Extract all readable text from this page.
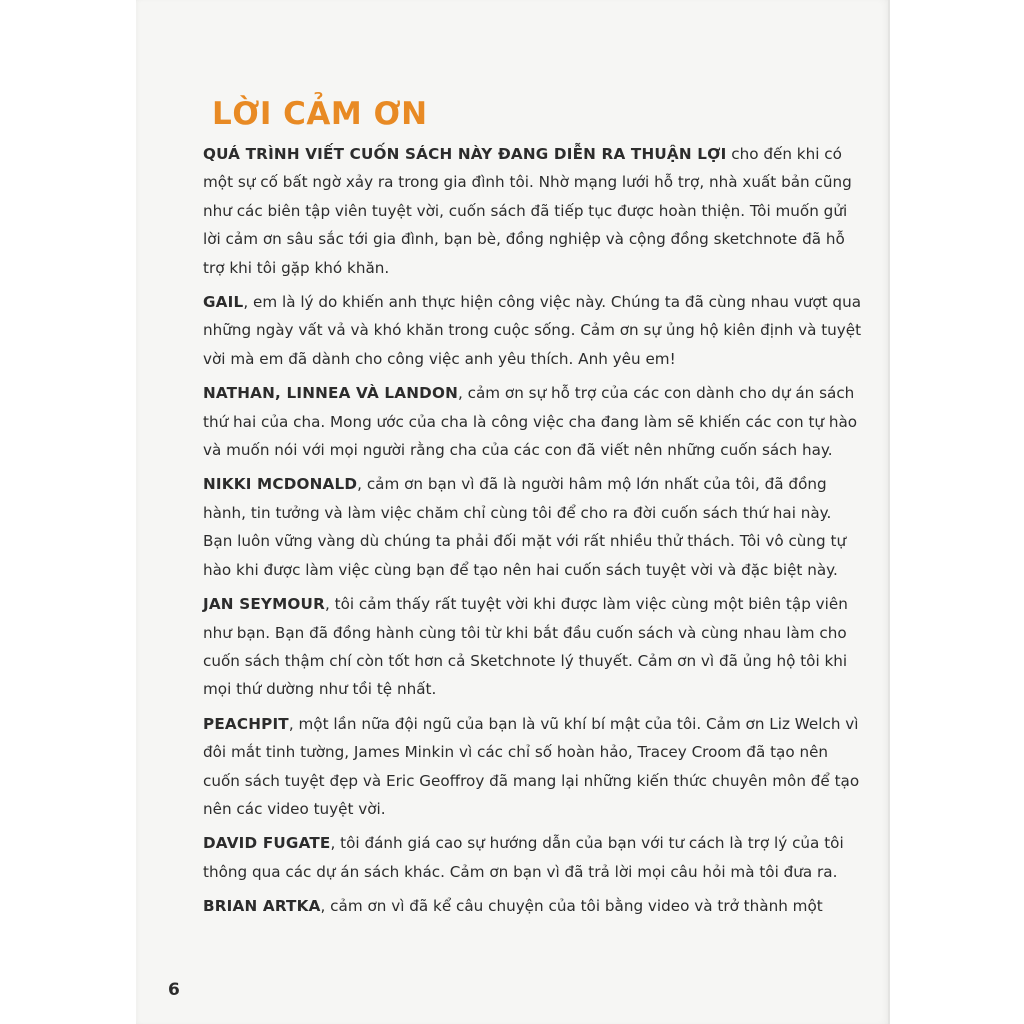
LỜI CẢM ƠN

QUÁ TRÌNH VIẾT CUỐN SÁCH NÀY ĐANG DIỄN RA THUẬN LỢI cho đến khi có một sự cố bất ngờ xảy ra trong gia đình tôi. Nhờ mạng lưới hỗ trợ, nhà xuất bản cũng như các biên tập viên tuyệt vời, cuốn sách đã tiếp tục được hoàn thiện. Tôi muốn gửi lời cảm ơn sâu sắc tới gia đình, bạn bè, đồng nghiệp và cộng đồng sketchnote đã hỗ trợ khi tôi gặp khó khăn.

GAIL, em là lý do khiến anh thực hiện công việc này. Chúng ta đã cùng nhau vượt qua những ngày vất vả và khó khăn trong cuộc sống. Cảm ơn sự ủng hộ kiên định và tuyệt vời mà em đã dành cho công việc anh yêu thích. Anh yêu em!

NATHAN, LINNEA VÀ LANDON, cảm ơn sự hỗ trợ của các con dành cho dự án sách thứ hai của cha. Mong ước của cha là công việc cha đang làm sẽ khiến các con tự hào và muốn nói với mọi người rằng cha của các con đã viết nên những cuốn sách hay.

NIKKI MCDONALD, cảm ơn bạn vì đã là người hâm mộ lớn nhất của tôi, đã đồng hành, tin tưởng và làm việc chăm chỉ cùng tôi để cho ra đời cuốn sách thứ hai này. Bạn luôn vững vàng dù chúng ta phải đối mặt với rất nhiều thử thách. Tôi vô cùng tự hào khi được làm việc cùng bạn để tạo nên hai cuốn sách tuyệt vời và đặc biệt này.

JAN SEYMOUR, tôi cảm thấy rất tuyệt vời khi được làm việc cùng một biên tập viên như bạn. Bạn đã đồng hành cùng tôi từ khi bắt đầu cuốn sách và cùng nhau làm cho cuốn sách thậm chí còn tốt hơn cả Sketchnote lý thuyết. Cảm ơn vì đã ủng hộ tôi khi mọi thứ dường như tồi tệ nhất.

PEACHPIT, một lần nữa đội ngũ của bạn là vũ khí bí mật của tôi. Cảm ơn Liz Welch vì đôi mắt tinh tường, James Minkin vì các chỉ số hoàn hảo, Tracey Croom đã tạo nên cuốn sách tuyệt đẹp và Eric Geoffroy đã mang lại những kiến thức chuyên môn để tạo nên các video tuyệt vời.

DAVID FUGATE, tôi đánh giá cao sự hướng dẫn của bạn với tư cách là trợ lý của tôi thông qua các dự án sách khác. Cảm ơn bạn vì đã trả lời mọi câu hỏi mà tôi đưa ra.

BRIAN ARTKA, cảm ơn vì đã kể câu chuyện của tôi bằng video và trở thành một

6
